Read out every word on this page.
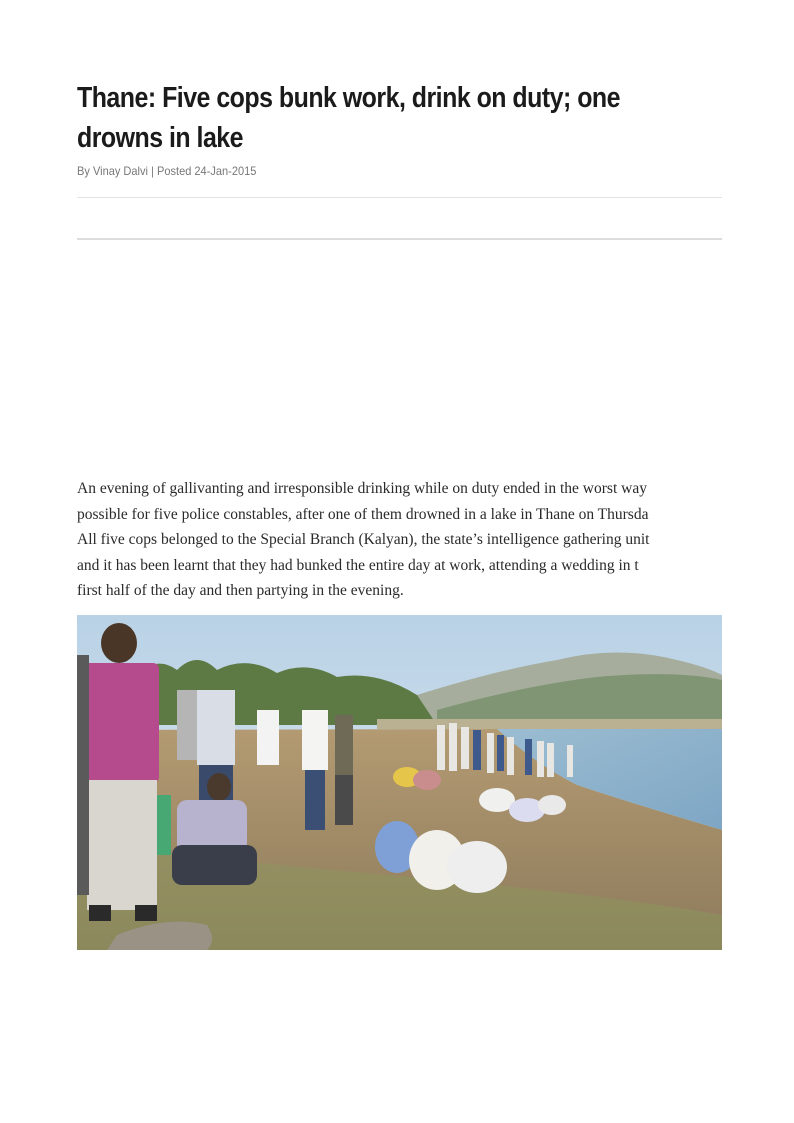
Thane: Five cops bunk work, drink on duty; one
drowns in lake
By Vinay Dalvi | Posted 24-Jan-2015
An evening of gallivanting and irresponsible drinking while on duty ended in the worst way
possible for five police constables, after one of them drowned in a lake in Thane on Thursda
All five cops belonged to the Special Branch (Kalyan), the state’s intelligence gathering unit
and it has been learnt that they had bunked the entire day at work, attending a wedding in t
first half of the day and then partying in the evening.
